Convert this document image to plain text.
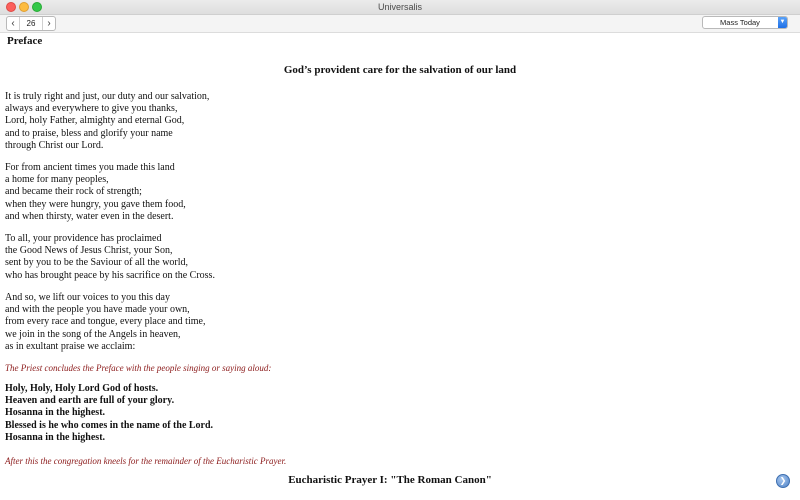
Universalis
‹	26	›	Mass Today	▼
Preface
God’s provident care for the salvation of our land
It is truly right and just, our duty and our salvation,
always and everywhere to give you thanks,
Lord, holy Father, almighty and eternal God,
and to praise, bless and glorify your name
through Christ our Lord.
For from ancient times you made this land
a home for many peoples,
and became their rock of strength;
when they were hungry, you gave them food,
and when thirsty, water even in the desert.
To all, your providence has proclaimed
the Good News of Jesus Christ, your Son,
sent by you to be the Saviour of all the world,
who has brought peace by his sacrifice on the Cross.
And so, we lift our voices to you this day
and with the people you have made your own,
from every race and tongue, every place and time,
we join in the song of the Angels in heaven,
as in exultant praise we acclaim:
The Priest concludes the Preface with the people singing or saying aloud:
Holy, Holy, Holy Lord God of hosts.
Heaven and earth are full of your glory.
Hosanna in the highest.
Blessed is he who comes in the name of the Lord.
Hosanna in the highest.
After this the congregation kneels for the remainder of the Eucharistic Prayer.
Eucharistic Prayer I: "The Roman Canon"	❯
